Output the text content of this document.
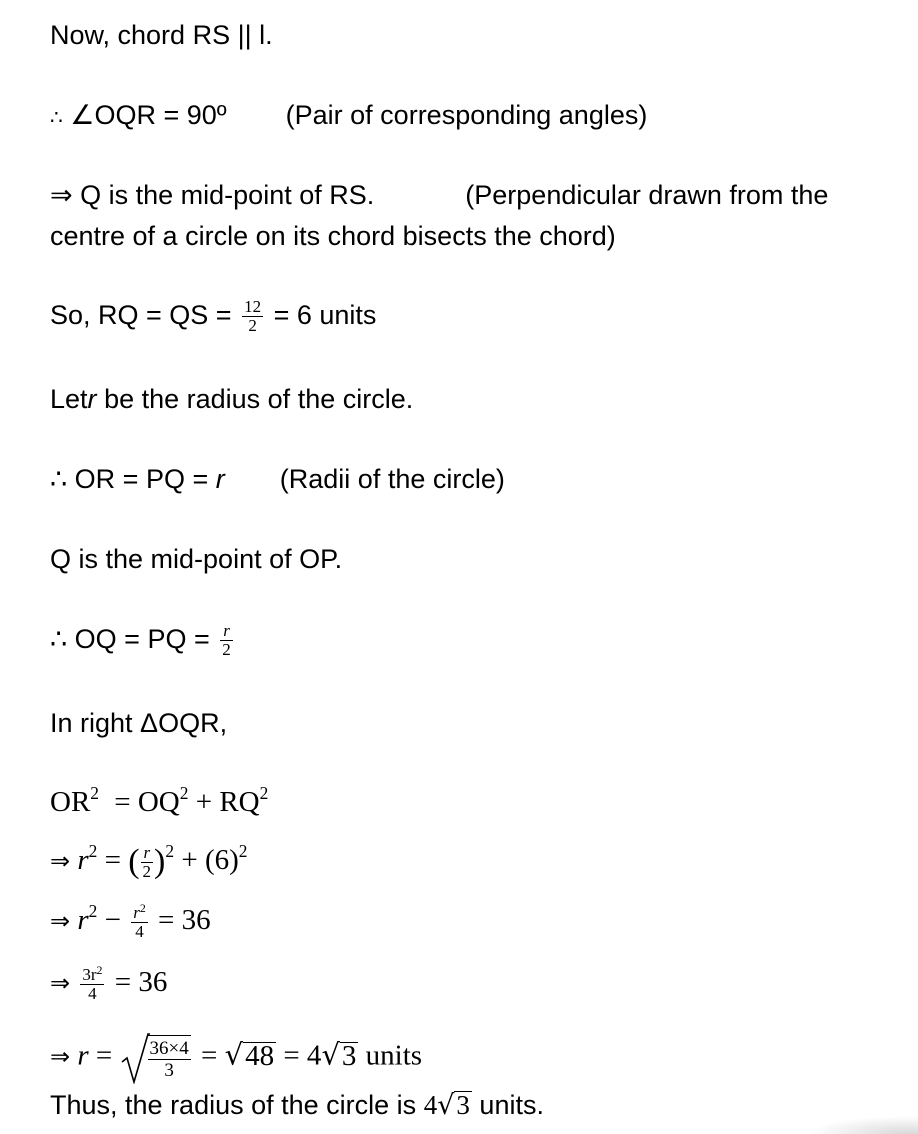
Now, chord RS || l.
∴ ∠OQR = 90º (Pair of corresponding angles)
⇒ Q is the mid-point of RS.	(Perpendicular drawn from the
centre of a circle on its chord bisects the chord)
So, RQ = QS = $\frac{12}{2} = 6$ units
Letr be the radius of the circle.
∴ OR = PQ = r (Radii of the circle)
Q is the mid-point of OP.
∴ OQ = PQ = $\frac{r}{2}$
In right ΔOQR,
$OR^2 = OQ^2 + RQ^2$
⇒ $r^2$ = ( $\frac{r}{2} )^2 + (6)^2$
⇒ $r^2 - \frac{r^2}{4} = 36$
⇒ $\frac{3r^2}{4} = 36$
⇒ $r = \frac{36\times 4}{3} = √48 = 4√3$ units
Thus, the radius of the circle is 4√3 units.
